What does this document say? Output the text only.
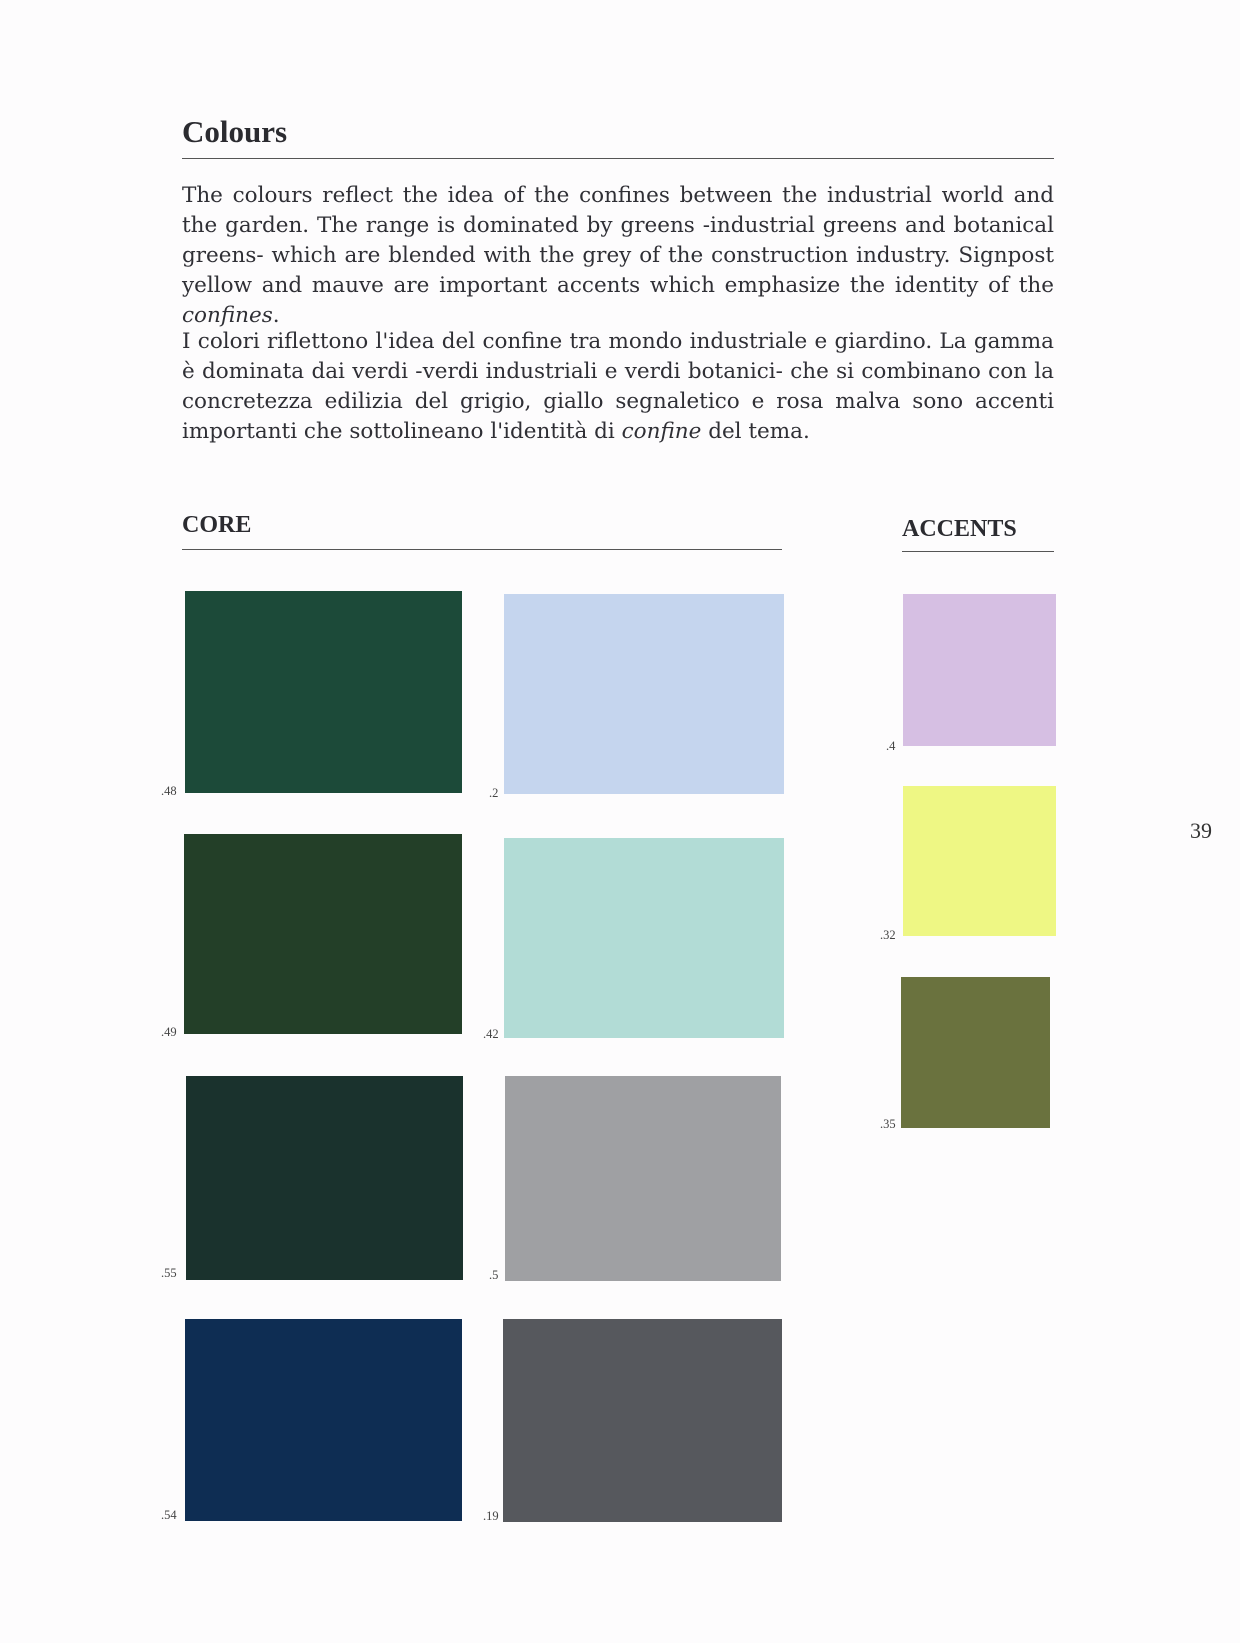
Colours

The colours reflect the idea of the confines between the industrial world and the garden. The range is dominated by greens -industrial greens and botanical greens- which are blended with the grey of the construction industry. Signpost yellow and mauve are important accents which emphasize the identity of the confines.

I colori riflettono l'idea del confine tra mondo industriale e giardino. La gamma è dominata dai verdi -verdi industriali e verdi botanici- che si combinano con la concretezza edilizia del grigio, giallo segnaletico e rosa malva sono accenti importanti che sottolineano l'identità di confine del tema.

CORE	ACCENTS
.48	.2
.49	.42
.55	.5
.54	.19
.4
.32
.35
39
